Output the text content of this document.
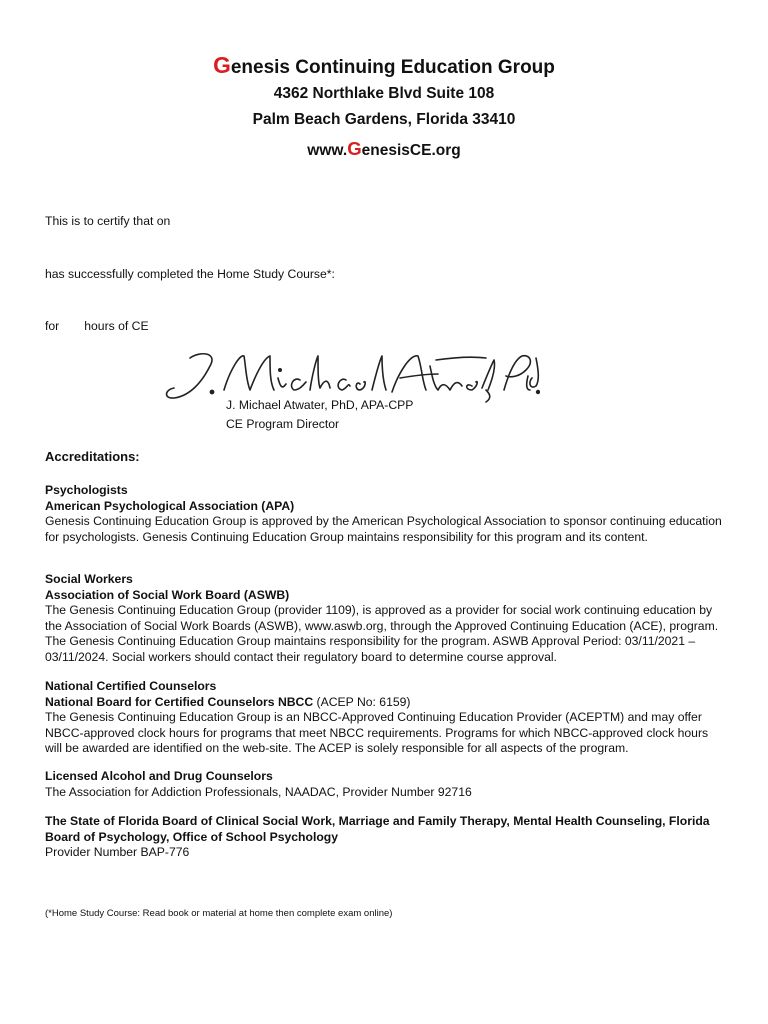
Genesis Continuing Education Group
4362 Northlake Blvd Suite 108
Palm Beach Gardens, Florida 33410
www.GenesisCE.org
This is to certify that on
has successfully completed the Home Study Course*:
for hours of CE
J. Michael Atwater, PhD, APA-CPP
CE Program Director
Accreditations:
Psychologists
American Psychological Association (APA)
Genesis Continuing Education Group is approved by the American Psychological Association to sponsor continuing education for psychologists. Genesis Continuing Education Group maintains responsibility for this program and its content.
Social Workers
Association of Social Work Board (ASWB)
The Genesis Continuing Education Group (provider 1109), is approved as a provider for social work continuing education by the Association of Social Work Boards (ASWB), www.aswb.org, through the Approved Continuing Education (ACE), program. The Genesis Continuing Education Group maintains responsibility for the program. ASWB Approval Period: 03/11/2021 – 03/11/2024. Social workers should contact their regulatory board to determine course approval.
National Certified Counselors
National Board for Certified Counselors NBCC (ACEP No: 6159)
The Genesis Continuing Education Group is an NBCC-Approved Continuing Education Provider (ACEPTM) and may offer NBCC-approved clock hours for programs that meet NBCC requirements. Programs for which NBCC-approved clock hours will be awarded are identified on the web-site. The ACEP is solely responsible for all aspects of the program.
Licensed Alcohol and Drug Counselors
The Association for Addiction Professionals, NAADAC, Provider Number 92716
The State of Florida Board of Clinical Social Work, Marriage and Family Therapy, Mental Health Counseling, Florida Board of Psychology, Office of School Psychology
Provider Number BAP-776
(*Home Study Course: Read book or material at home then complete exam online)
